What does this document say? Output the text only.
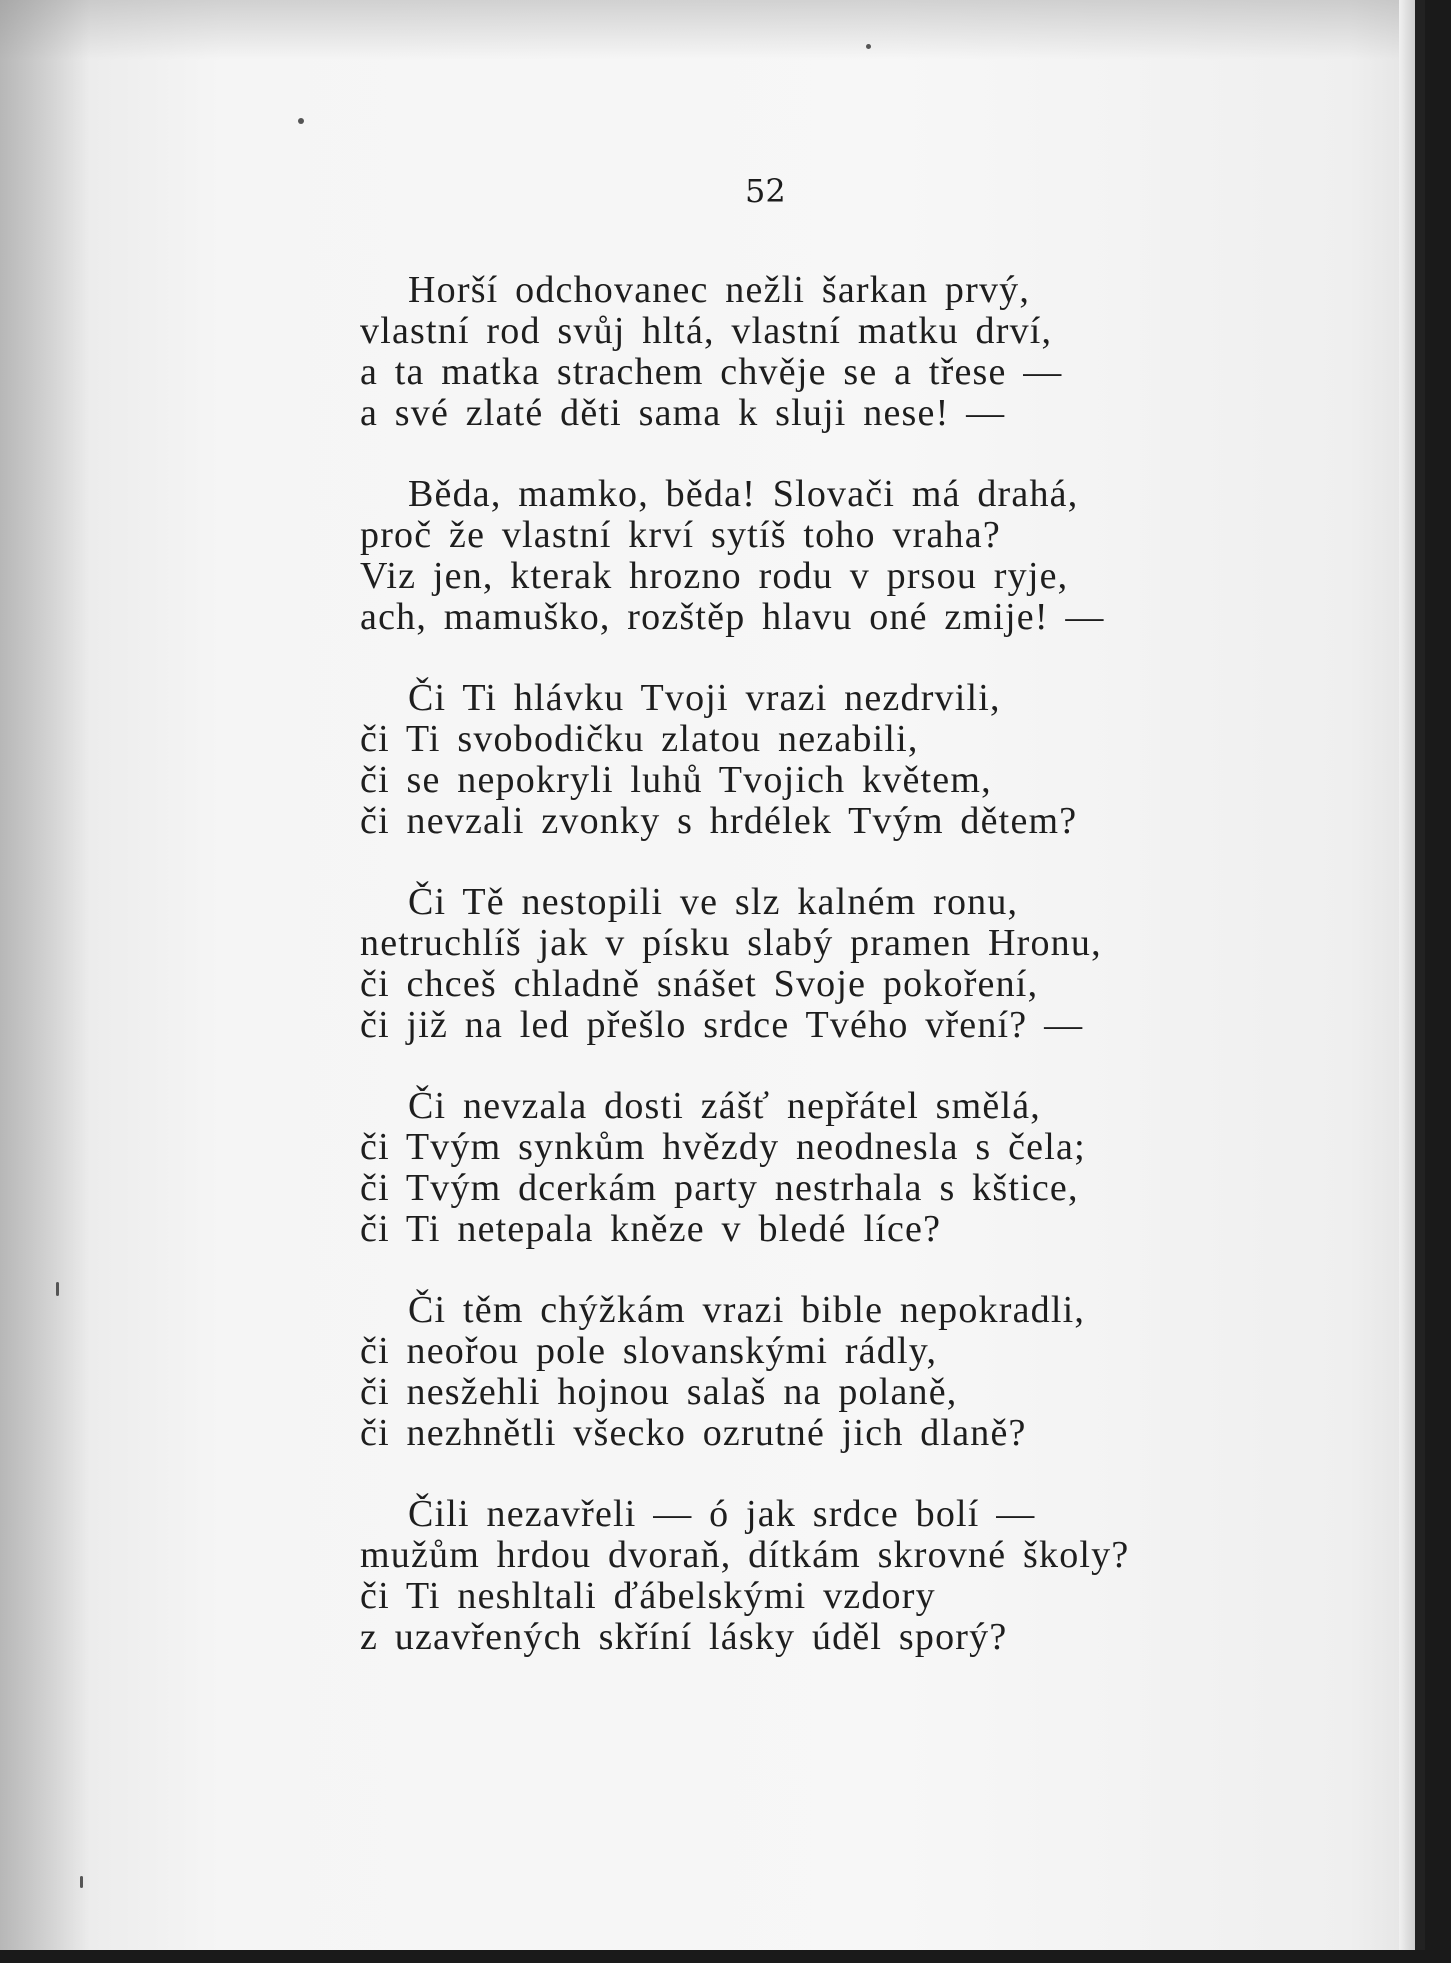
52
Horší odchovanec nežli šarkan prvý,
vlastní rod svůj hltá, vlastní matku drví,
a ta matka strachem chvěje se a třese —
a své zlaté děti sama k sluji nese! —
Běda, mamko, běda! Slovači má drahá,
proč že vlastní krví sytíš toho vraha?
Viz jen, kterak hrozno rodu v prsou ryje,
ach, mamuško, rozštěp hlavu oné zmije! —
Či Ti hlávku Tvoji vrazi nezdrvili,
či Ti svobodičku zlatou nezabili,
či se nepokryli luhů Tvojich květem,
či nevzali zvonky s hrdélek Tvým dětem?
Či Tě nestopili ve slz kalném ronu,
netruchlíš jak v písku slabý pramen Hronu,
či chceš chladně snášet Svoje pokoření,
či již na led přešlo srdce Tvého vření? —
Či nevzala dosti zášť nepřátel smělá,
či Tvým synkům hvězdy neodnesla s čela;
či Tvým dcerkám party nestrhala s kštice,
či Ti netepala kněze v bledé líce?
Či těm chýžkám vrazi bible nepokradli,
či neořou pole slovanskými rádly,
či nesžehli hojnou salaš na polaně,
či nezhnětli všecko ozrutné jich dlaně?
Čili nezavřeli — ó jak srdce bolí —
mužům hrdou dvoraň, dítkám skrovné školy?
či Ti neshltali ďábelskými vzdory
z uzavřených skříní lásky úděl sporý?
